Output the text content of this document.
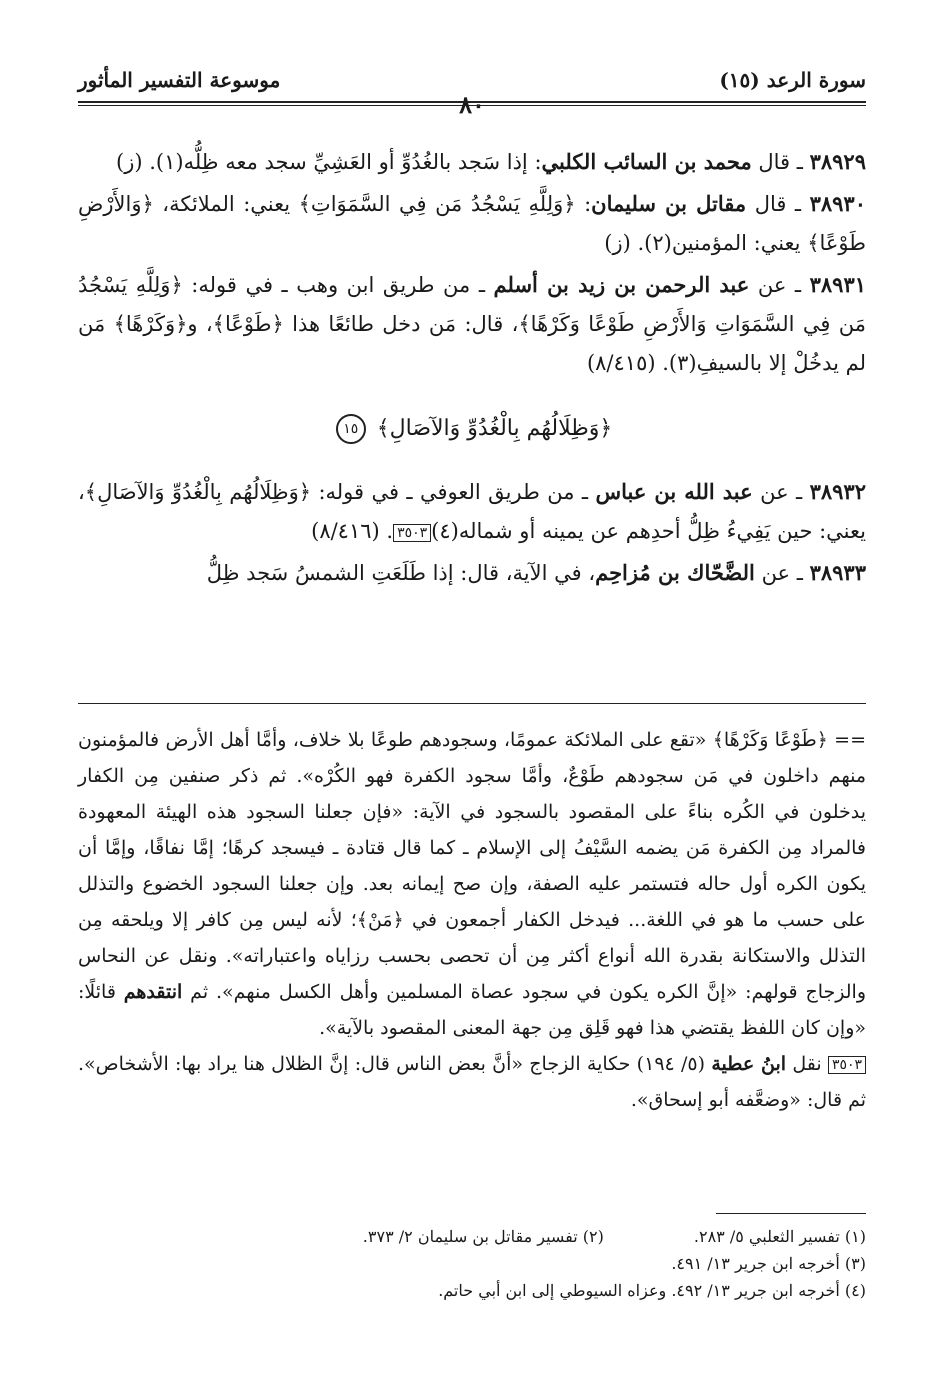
سورة الرعد (١٥)
موسوعة التفسير المأثور

٣٨٩٢٩ ـ قال محمد بن السائب الكلبي: إذا سَجد بالغُدُوِّ أو العَشِيِّ سجد معه ظِلُّه(١). (ز)

٣٨٩٣٠ ـ قال مقاتل بن سليمان: ﴿وَلِلَّهِ يَسْجُدُ مَن فِي السَّمَوَاتِ﴾ يعني: الملائكة، ﴿وَالأَرْضِ طَوْعًا﴾ يعني: المؤمنين(٢). (ز)

٣٨٩٣١ ـ عن عبد الرحمن بن زيد بن أسلم ـ من طريق ابن وهب ـ في قوله: ﴿وَلِلَّهِ يَسْجُدُ مَن فِي السَّمَوَاتِ وَالأَرْضِ طَوْعًا وَكَرْهًا﴾، قال: مَن دخل طائعًا هذا ﴿طَوْعًا﴾، و﴿وَكَرْهًا﴾ مَن لم يدخُلْ إلا بالسيفِ(٣). (٨/٤١٥)

﴿وَظِلَالُهُم بِالْغُدُوِّ وَالآصَالِ﴾ ١٥

٣٨٩٣٢ ـ عن عبد الله بن عباس ـ من طريق العوفي ـ في قوله: ﴿وَظِلَالُهُم بِالْغُدُوِّ وَالآصَالِ﴾، يعني: حين يَفِيءُ ظِلُّ أحدِهم عن يمينه أو شماله(٤)٣٥٠٣. (٨/٤١٦)

٣٨٩٣٣ ـ عن الضَّحّاك بن مُزاحِم، في الآية، قال: إذا طَلَعَتِ الشمسُ سَجد ظِلُّ

== ﴿طَوْعًا وَكَرْهًا﴾ «تقع على الملائكة عمومًا، وسجودهم طوعًا بلا خلاف، وأمَّا أهل الأرض فالمؤمنون منهم داخلون في مَن سجودهم طَوْعٌ، وأمَّا سجود الكفرة فهو الكُرْه». ثم ذكر صنفين مِن الكفار يدخلون في الكُره بناءً على المقصود بالسجود في الآية: «فإن جعلنا السجود هذه الهيئة المعهودة فالمراد مِن الكفرة مَن يضمه السَّيْفُ إلى الإسلام ـ كما قال قتادة ـ فيسجد كرهًا؛ إمَّا نفاقًا، وإمَّا أن يكون الكره أول حاله فتستمر عليه الصفة، وإن صح إيمانه بعد. وإن جعلنا السجود الخضوع والتذلل على حسب ما هو في اللغة... فيدخل الكفار أجمعون في ﴿مَنْ﴾؛ لأنه ليس مِن كافر إلا ويلحقه مِن التذلل والاستكانة بقدرة الله أنواع أكثر مِن أن تحصى بحسب رزاياه واعتباراته». ونقل عن النحاس والزجاج قولهم: «إنَّ الكره يكون في سجود عصاة المسلمين وأهل الكسل منهم». ثم انتقدهم قائلًا: «وإن كان اللفظ يقتضي هذا فهو قَلِق مِن جهة المعنى المقصود بالآية».
٣٥٠٣ نقل ابنُ عطية (٥/ ١٩٤) حكاية الزجاج «أنَّ بعض الناس قال: إنَّ الظلال هنا يراد بها: الأشخاص». ثم قال: «وضعَّفه أبو إسحاق».
(١) تفسير الثعلبي ٥/ ٢٨٣.
(٢) تفسير مقاتل بن سليمان ٢/ ٣٧٣.
(٣) أخرجه ابن جرير ١٣/ ٤٩١.
(٤) أخرجه ابن جرير ١٣/ ٤٩٢. وعزاه السيوطي إلى ابن أبي حاتم.
